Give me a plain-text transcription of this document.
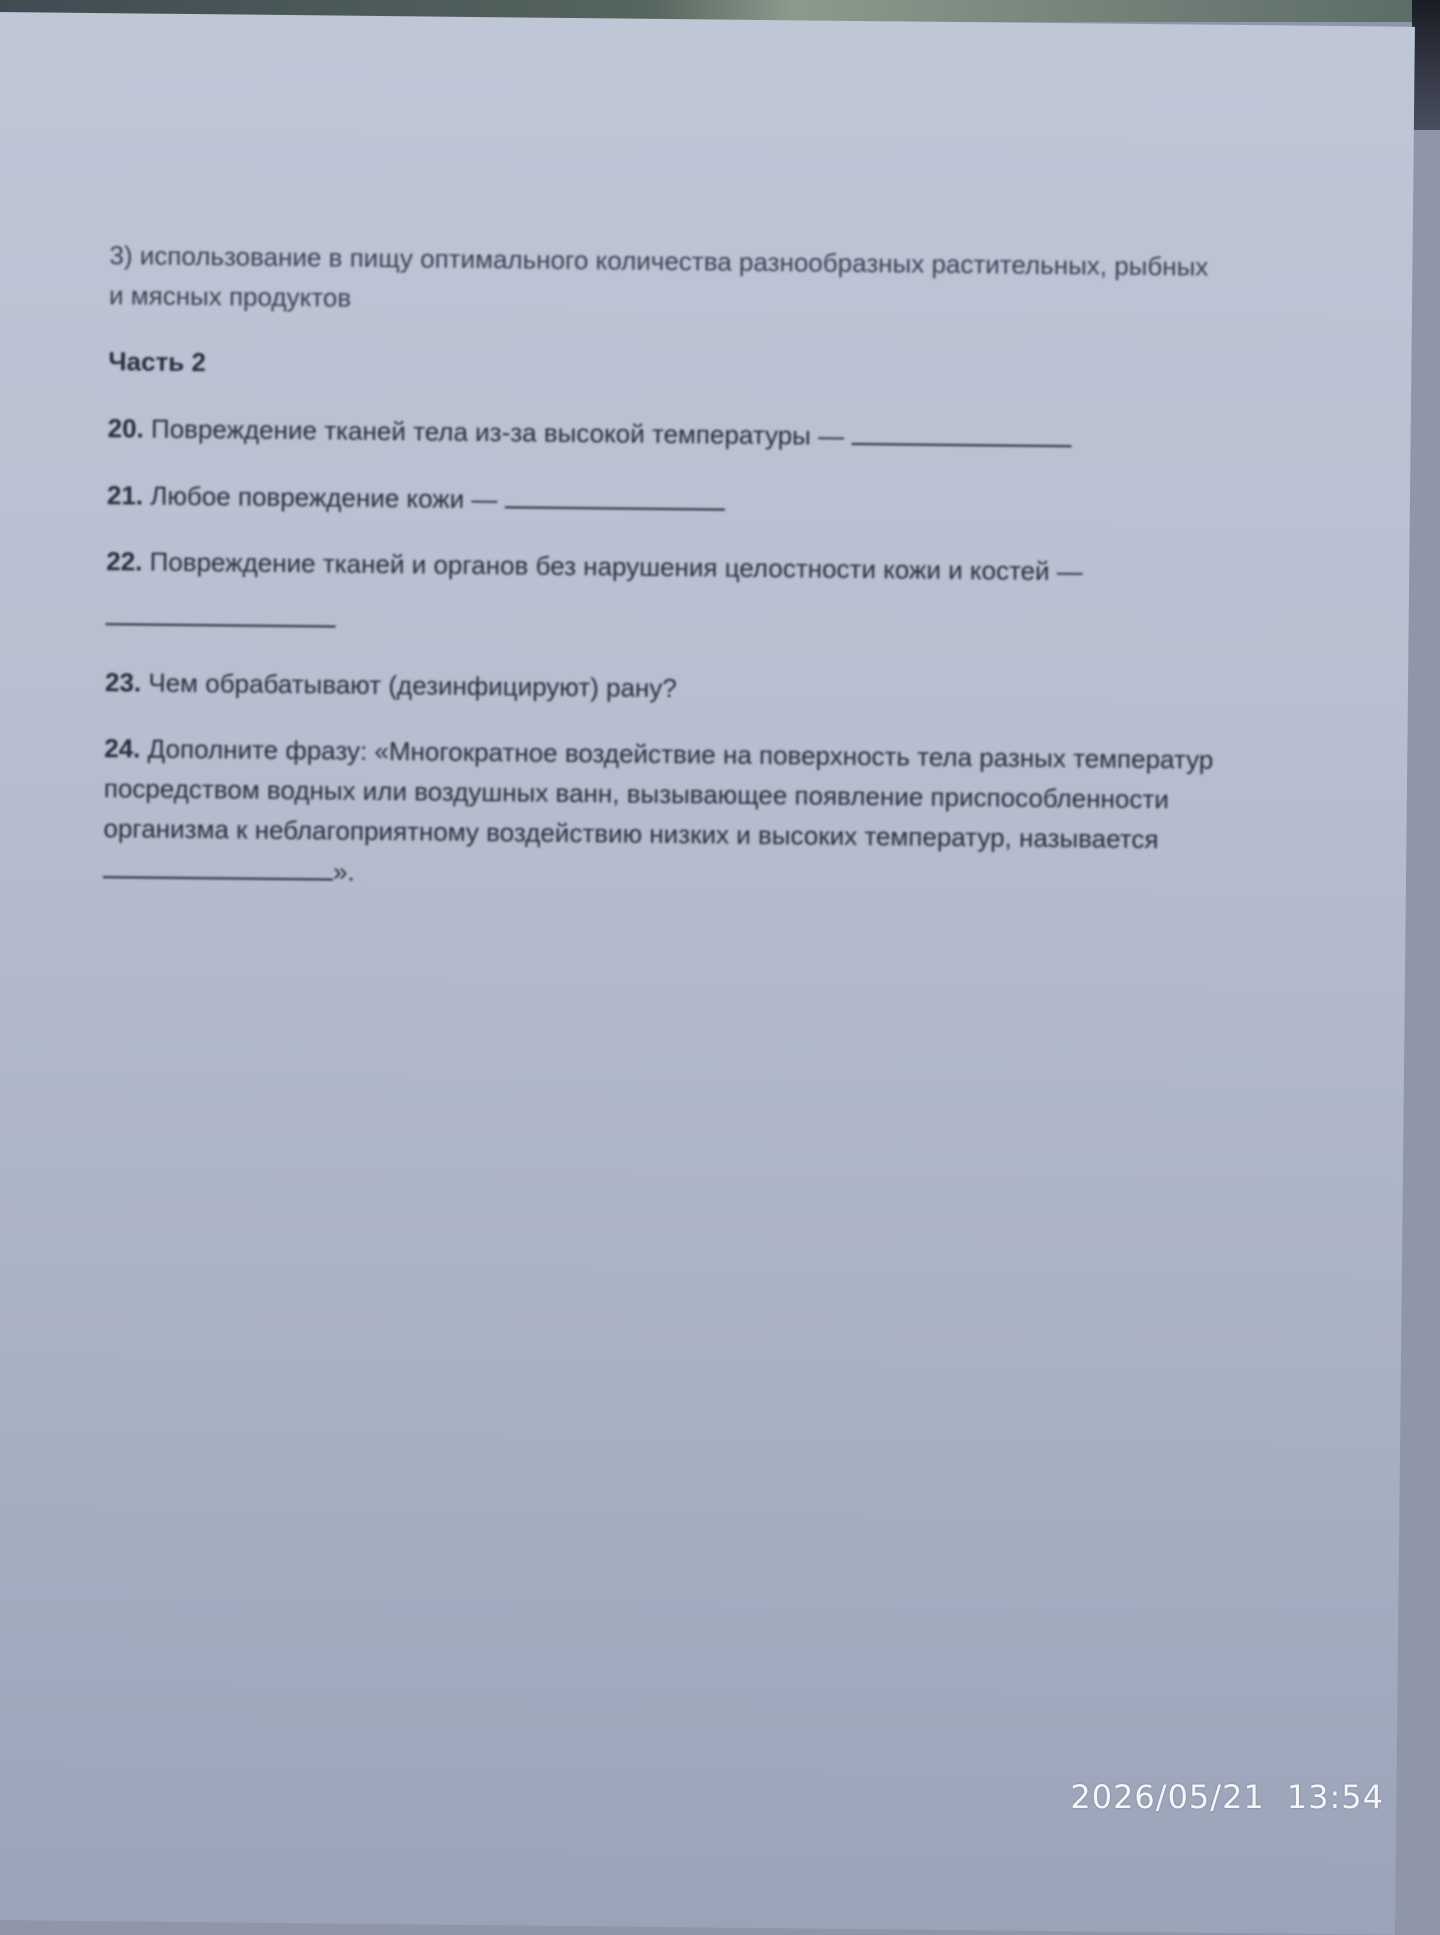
3) использование в пищу оптимального количества разнообразных растительных, рыбных
и мясных продуктов
Часть 2
20. Повреждение тканей тела из-за высокой температуры —
21. Любое повреждение кожи —
22. Повреждение тканей и органов без нарушения целостности кожи и костей —
23. Чем обрабатывают (дезинфицируют) рану?
24. Дополните фразу: «Многократное воздействие на поверхность тела разных температур
посредством водных или воздушных ванн, вызывающее появление приспособленности
организма к неблагоприятному воздействию низких и высоких температур, называется
».
2026/05/21 13:54
